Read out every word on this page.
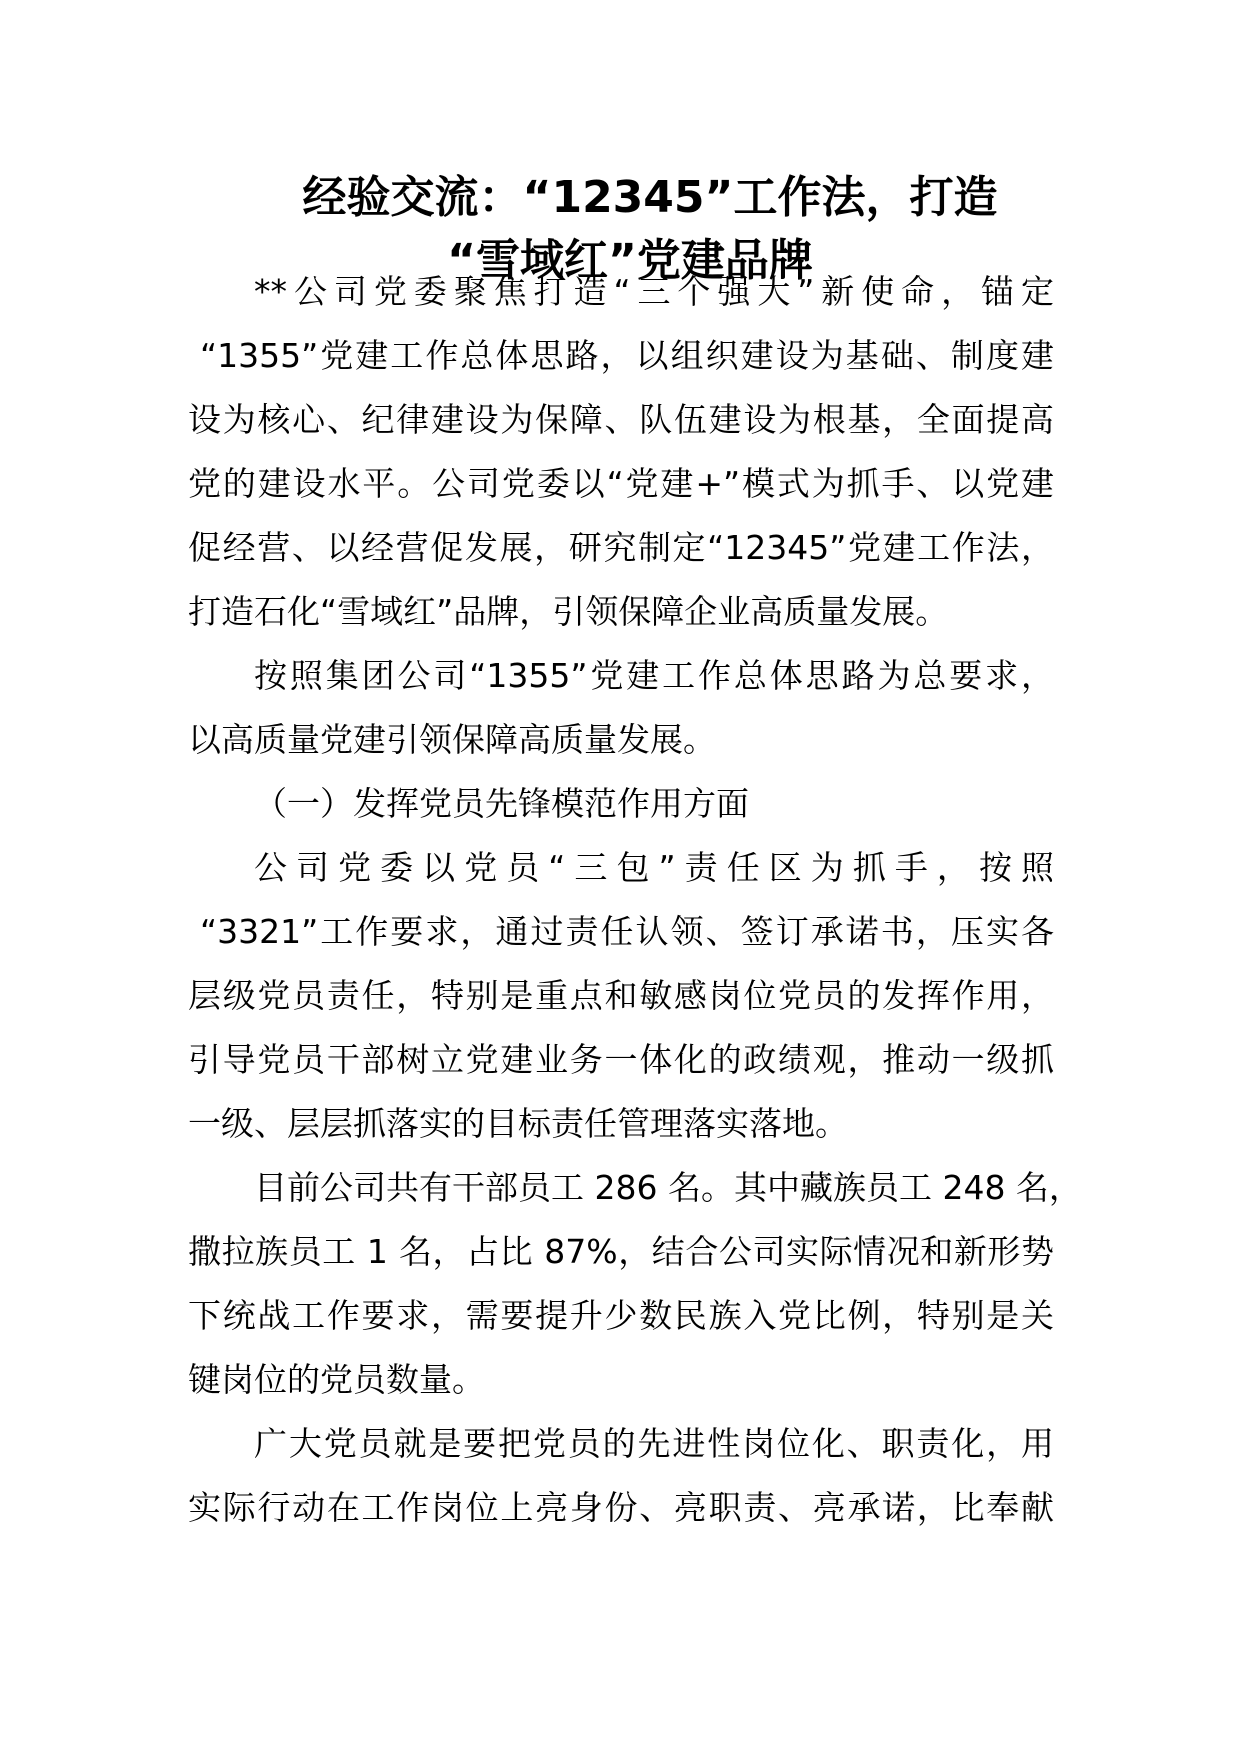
经验交流：“12345”工作法，打造
“雪域红”党建品牌
**公司党委聚焦打造“三个强大”新使命，锚定
“1355”党建工作总体思路，以组织建设为基础、制度建
设为核心、纪律建设为保障、队伍建设为根基，全面提高
党的建设水平。公司党委以“党建+”模式为抓手、以党建
促经营、以经营促发展，研究制定“12345”党建工作法，
打造石化“雪域红”品牌，引领保障企业高质量发展。
按照集团公司“1355”党建工作总体思路为总要求，
以高质量党建引领保障高质量发展。
（一）发挥党员先锋模范作用方面
公司党委以党员“三包”责任区为抓手，按照
“3321”工作要求，通过责任认领、签订承诺书，压实各
层级党员责任，特别是重点和敏感岗位党员的发挥作用，
引导党员干部树立党建业务一体化的政绩观，推动一级抓
一级、层层抓落实的目标责任管理落实落地。
目前公司共有干部员工 286 名。其中藏族员工 248 名，
撒拉族员工 1 名，占比 87%，结合公司实际情况和新形势
下统战工作要求，需要提升少数民族入党比例，特别是关
键岗位的党员数量。
广大党员就是要把党员的先进性岗位化、职责化，用
实际行动在工作岗位上亮身份、亮职责、亮承诺，比奉献
